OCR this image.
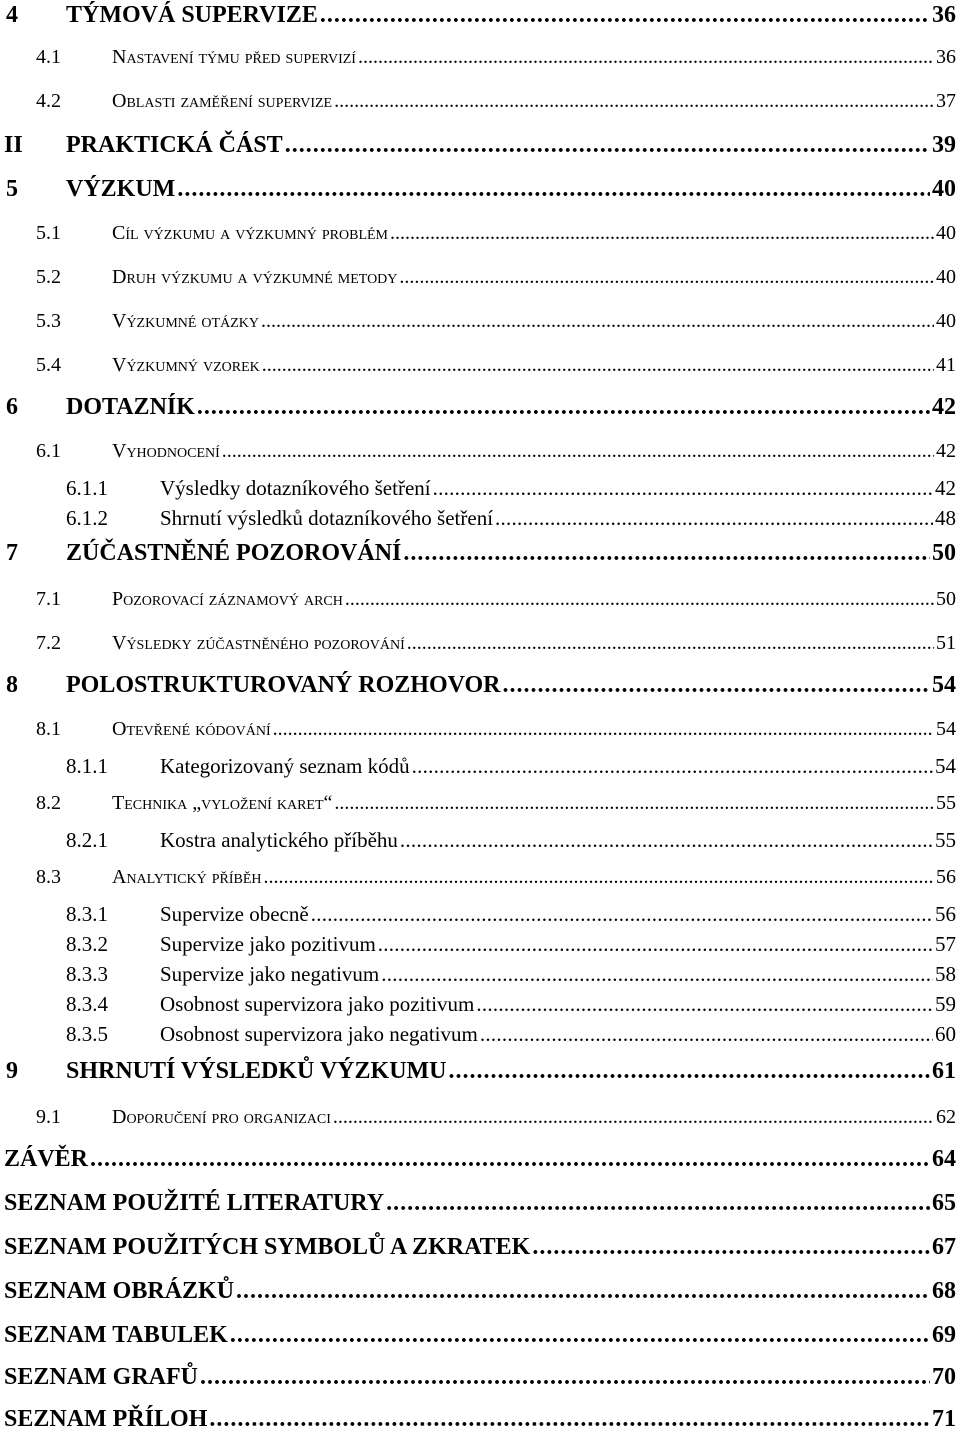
4 TÝMOVÁ SUPERVIZE . . .	36
4.1	Nastavení týmu před supervizí . . .	36
4.2	Oblasti zaměření supervize . . .	37
II PRAKTICKÁ ČÁST . . .	39
5 VÝZKUM . . .	40
5.1	Cíl výzkumu a výzkumný problém . . .	40
5.2	Druh výzkumu a výzkumné metody . . .	40
5.3	Výzkumné otázky . . .	40
5.4	Výzkumný vzorek . . .	41
6 DOTAZNÍK . . .	42
6.1	Vyhodnocení . . .	42
6.1.1 Výsledky dotazníkového šetření . . .	42
6.1.2 Shrnutí výsledků dotazníkového šetření . . .	48
7 ZÚČASTNĚNÉ POZOROVÁNÍ . . .	50
7.1	Pozorovací záznamový arch . . .	50
7.2	Výsledky zúčastněného pozorování . . .	51
8 POLOSTRUKTUROVANÝ ROZHOVOR . . .	54
8.1	Otevřené kódování . . .	54
8.1.1 Kategorizovaný seznam kódů . . .	54
8.2	Technika „vyložení karet“ . . .	55
8.2.1 Kostra analytického příběhu . . .	55
8.3	Analytický příběh . . .	56
8.3.1 Supervize obecně . . .	56
8.3.2 Supervize jako pozitivum . . .	57
8.3.3 Supervize jako negativum . . .	58
8.3.4 Osobnost supervizora jako pozitivum . . .	59
8.3.5 Osobnost supervizora jako negativum . . .	60
9 SHRNUTÍ VÝSLEDKŮ VÝZKUMU . . .	61
9.1	Doporučení pro organizaci . . .	62
ZÁVĚR . . .	64
SEZNAM POUŽITÉ LITERATURY . . .	65
SEZNAM POUŽITÝCH SYMBOLŮ A ZKRATEK . . .	67
SEZNAM OBRÁZKŮ . . .	68
SEZNAM TABULEK . . .	69
SEZNAM GRAFŮ . . .	70
SEZNAM PŘÍLOH . . .	71
